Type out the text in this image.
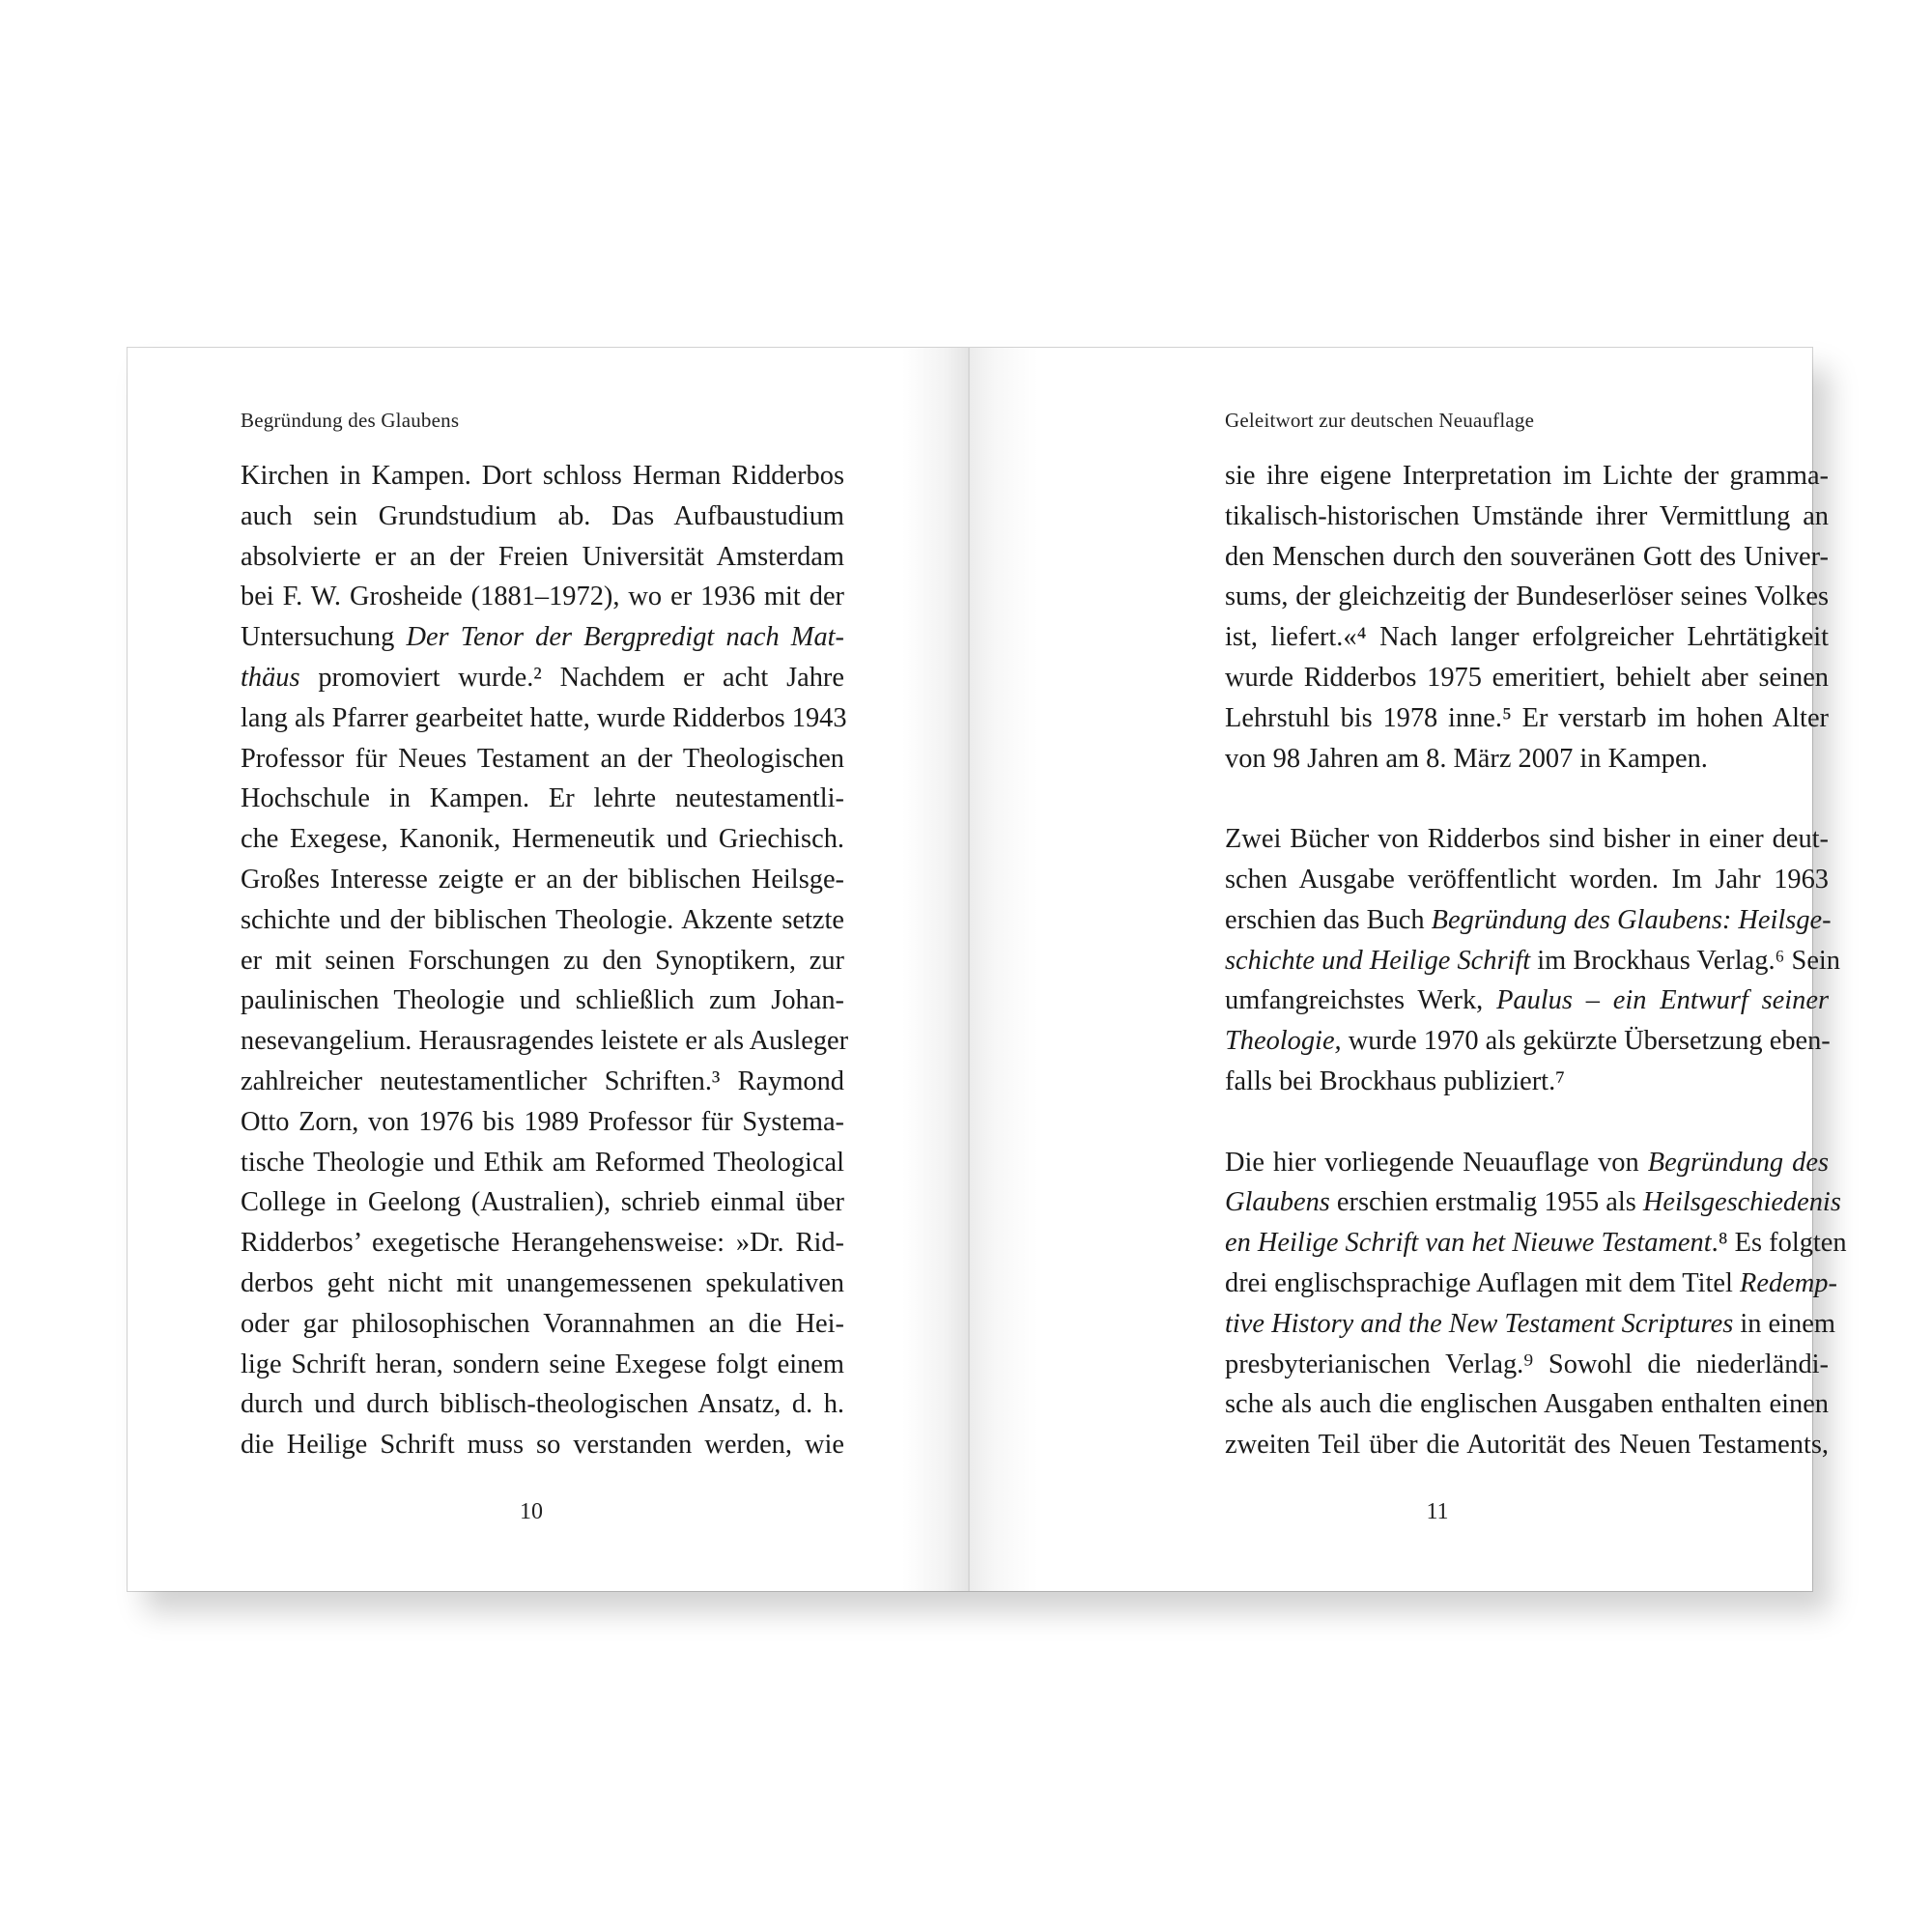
Begründung des Glaubens
Kirchen in Kampen. Dort schloss Herman Ridderbos
auch sein Grundstudium ab. Das Aufbaustudium
absolvierte er an der Freien Universität Amsterdam
bei F. W. Grosheide (1881–1972), wo er 1936 mit der
Untersuchung Der Tenor der Bergpredigt nach Mat-
thäus promoviert wurde.² Nachdem er acht Jahre
lang als Pfarrer gearbeitet hatte, wurde Ridderbos 1943
Professor für Neues Testament an der Theologischen
Hochschule in Kampen. Er lehrte neutestamentli-
che Exegese, Kanonik, Hermeneutik und Griechisch.
Großes Interesse zeigte er an der biblischen Heilsge-
schichte und der biblischen Theologie. Akzente setzte
er mit seinen Forschungen zu den Synoptikern, zur
paulinischen Theologie und schließlich zum Johan-
nesevangelium. Herausragendes leistete er als Ausleger
zahlreicher neutestamentlicher Schriften.³ Raymond
Otto Zorn, von 1976 bis 1989 Professor für Systema-
tische Theologie und Ethik am Reformed Theological
College in Geelong (Australien), schrieb einmal über
Ridderbos’ exegetische Herangehensweise: »Dr. Rid-
derbos geht nicht mit unangemessenen spekulativen
oder gar philosophischen Vorannahmen an die Hei-
lige Schrift heran, sondern seine Exegese folgt einem
durch und durch biblisch-theologischen Ansatz, d. h.
die Heilige Schrift muss so verstanden werden, wie
10
Geleitwort zur deutschen Neuauflage
sie ihre eigene Interpretation im Lichte der gramma-
tikalisch-historischen Umstände ihrer Vermittlung an
den Menschen durch den souveränen Gott des Univer-
sums, der gleichzeitig der Bundeserlöser seines Volkes
ist, liefert.«⁴ Nach langer erfolgreicher Lehrtätigkeit
wurde Ridderbos 1975 emeritiert, behielt aber seinen
Lehrstuhl bis 1978 inne.⁵ Er verstarb im hohen Alter
von 98 Jahren am 8. März 2007 in Kampen.
Zwei Bücher von Ridderbos sind bisher in einer deut-
schen Ausgabe veröffentlicht worden. Im Jahr 1963
erschien das Buch Begründung des Glaubens: Heilsge-
schichte und Heilige Schrift im Brockhaus Verlag.⁶ Sein
umfangreichstes Werk, Paulus – ein Entwurf seiner
Theologie, wurde 1970 als gekürzte Übersetzung eben-
falls bei Brockhaus publiziert.⁷
Die hier vorliegende Neuauflage von Begründung des
Glaubens erschien erstmalig 1955 als Heilsgeschiedenis
en Heilige Schrift van het Nieuwe Testament.⁸ Es folgten
drei englischsprachige Auflagen mit dem Titel Redemp-
tive History and the New Testament Scriptures in einem
presbyterianischen Verlag.⁹ Sowohl die niederländi-
sche als auch die englischen Ausgaben enthalten einen
zweiten Teil über die Autorität des Neuen Testaments,
11
